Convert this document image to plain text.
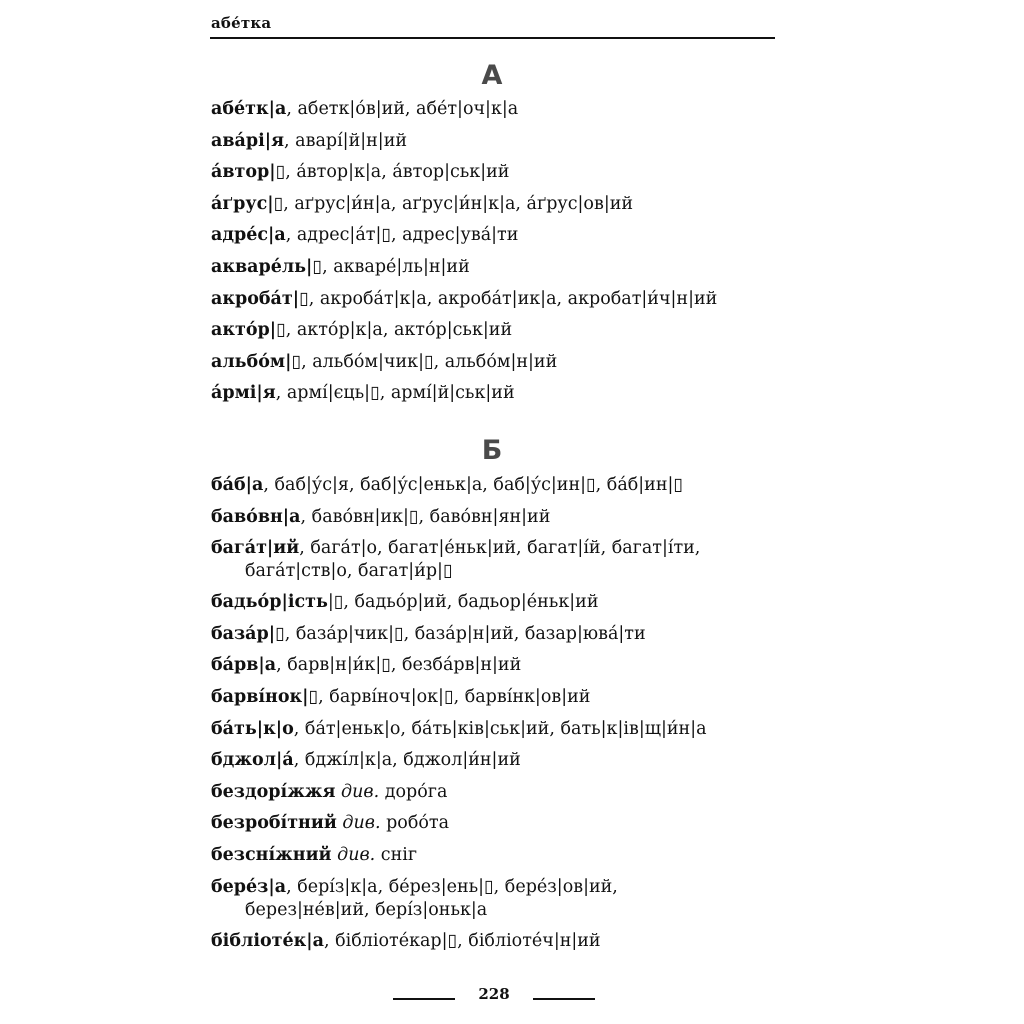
абе́тка
А
абе́тк|а, абетк|о́в|ий, абе́т|оч|к|а
ава́рі|я, аварі́|й|н|ий
а́втор|▯, а́втор|к|а, а́втор|ськ|ий
а́ґрус|▯, аґрус|и́н|а, аґрус|и́н|к|а, а́ґрус|ов|ий
адре́с|а, адрес|а́т|▯, адрес|ува́|ти
акваре́ль|▯, акваре́|ль|н|ий
акроба́т|▯, акроба́т|к|а, акроба́т|ик|а, акробат|и́ч|н|ий
акто́р|▯, акто́р|к|а, акто́р|ськ|ий
альбо́м|▯, альбо́м|чик|▯, альбо́м|н|ий
а́рмі|я, армі́|єць|▯, армі́|й|ськ|ий
Б
ба́б|а, баб|у́с|я, баб|у́с|еньк|а, баб|у́с|ин|▯, ба́б|ин|▯
баво́вн|а, баво́вн|ик|▯, баво́вн|ян|ий
бага́т|ий, бага́т|о, багат|е́ньк|ий, багат|і́й, багат|і́ти,
бага́т|ств|о, багат|и́р|▯
бадьо́р|ість|▯, бадьо́р|ий, бадьор|е́ньк|ий
база́р|▯, база́р|чик|▯, база́р|н|ий, базар|юва́|ти
ба́рв|а, барв|н|и́к|▯, безба́рв|н|ий
барві́нок|▯, барві́ноч|ок|▯, барві́нк|ов|ий
ба́ть|к|о, ба́т|еньк|о, ба́ть|ків|ськ|ий, бать|к|ів|щ|и́н|а
бджол|а́, бджі́л|к|а, бджол|и́н|ий
бездорі́жжя див. доро́га
безробі́тний див. робо́та
безсні́жний див. сніг
бере́з|а, бері́з|к|а, бе́рез|ень|▯, бере́з|ов|ий,
берез|не́в|ий, бері́з|оньк|а
бібліоте́к|а, бібліоте́кар|▯, бібліоте́ч|н|ий
228
